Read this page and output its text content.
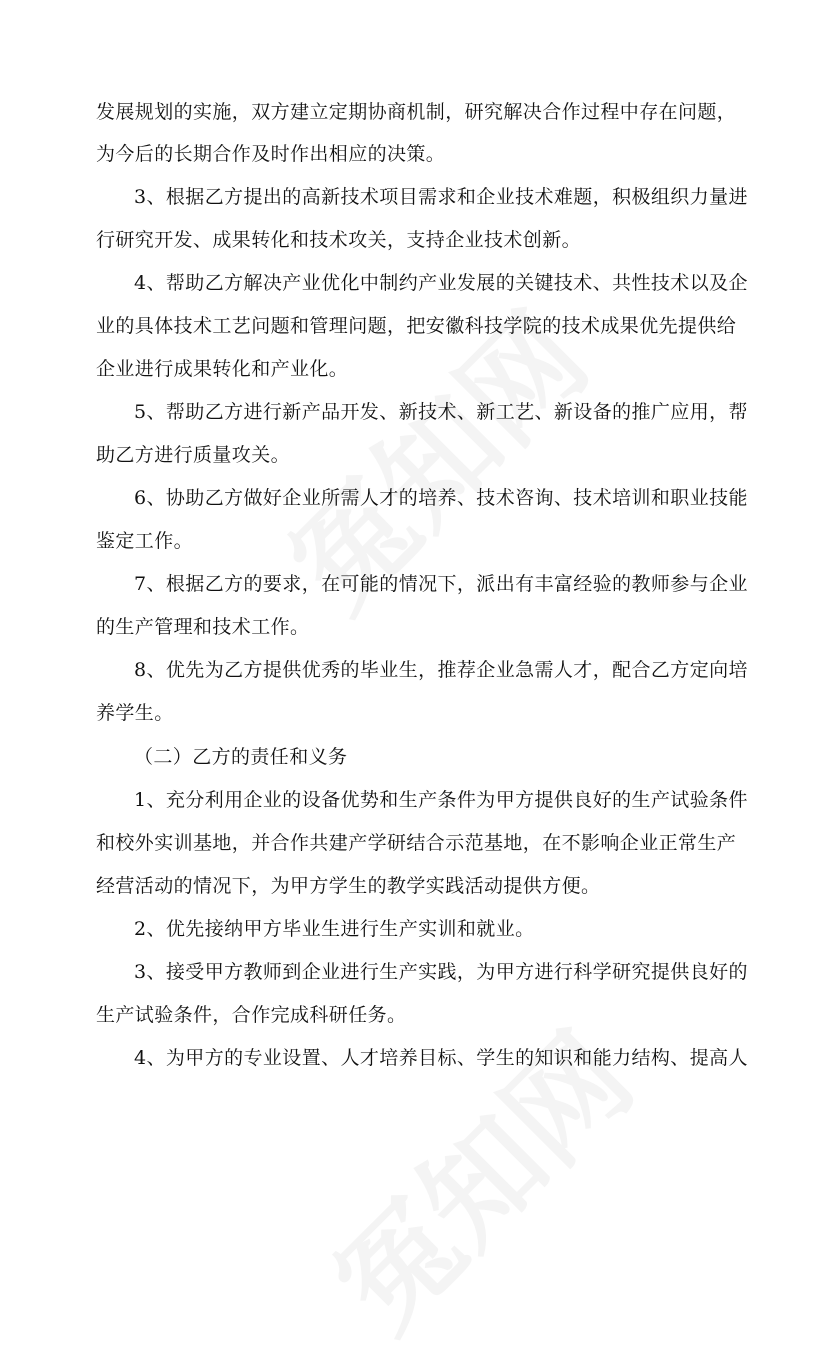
发展规划的实施，双方建立定期协商机制，研究解决合作过程中存在问题，
为今后的长期合作及时作出相应的决策。
3、根据乙方提出的高新技术项目需求和企业技术难题，积极组织力量进
行研究开发、成果转化和技术攻关，支持企业技术创新。
4、帮助乙方解决产业优化中制约产业发展的关键技术、共性技术以及企
业的具体技术工艺问题和管理问题，把安徽科技学院的技术成果优先提供给
企业进行成果转化和产业化。
5、帮助乙方进行新产品开发、新技术、新工艺、新设备的推广应用，帮
助乙方进行质量攻关。
6、协助乙方做好企业所需人才的培养、技术咨询、技术培训和职业技能
鉴定工作。
7、根据乙方的要求，在可能的情况下，派出有丰富经验的教师参与企业
的生产管理和技术工作。
8、优先为乙方提供优秀的毕业生，推荐企业急需人才，配合乙方定向培
养学生。
（二）乙方的责任和义务
1、充分利用企业的设备优势和生产条件为甲方提供良好的生产试验条件
和校外实训基地，并合作共建产学研结合示范基地，在不影响企业正常生产
经营活动的情况下，为甲方学生的教学实践活动提供方便。
2、优先接纳甲方毕业生进行生产实训和就业。
3、接受甲方教师到企业进行生产实践，为甲方进行科学研究提供良好的
生产试验条件，合作完成科研任务。
4、为甲方的专业设置、人才培养目标、学生的知识和能力结构、提高人
